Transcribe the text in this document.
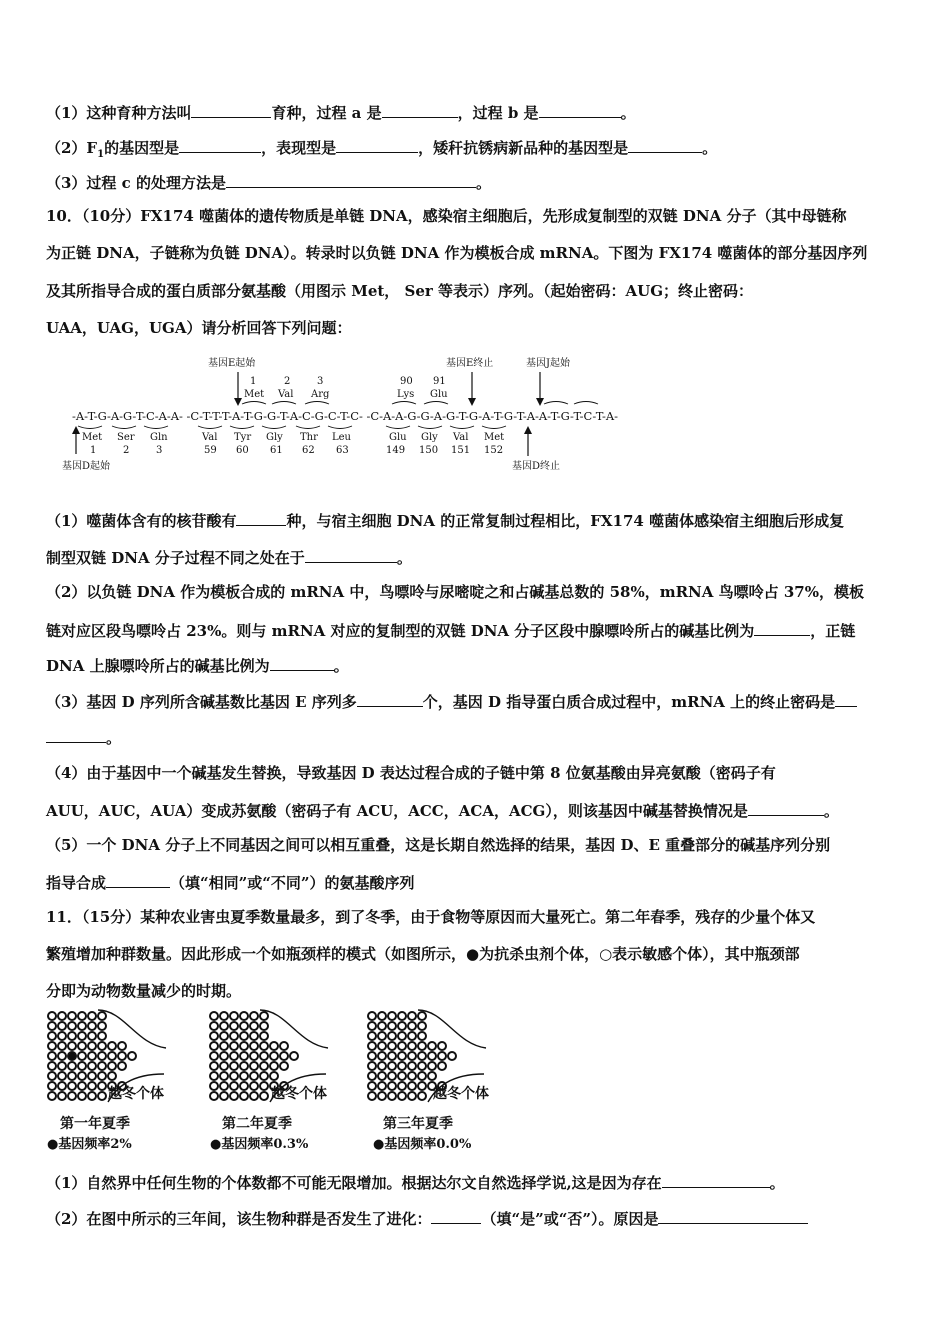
（1）这种育种方法叫	育种，过程 a 是	，过程 b 是	。
$(2)F_1$的基因型是	，表现型是	，矮秆抗锈病新品种的基因型是	。
（3）过程 c 的处理方法是	。
10．（10分）FX174 噬菌体的遗传物质是单链 DNA，感染宿主细胞后，先形成复制型的双链 DNA 分子（其中母链称
为正链 DNA，子链称为负链 DNA）。转录时以负链 DNA 作为模板合成 mRNA。下图为 FX174 噬菌体的部分基因序列
及其所指导合成的蛋白质部分氨基酸（用图示 Met， Ser 等表示）序列。（起始密码：AUG；终止密码：
UAA，UAG，UGA）请分析回答下列问题：
基因E起始	基因E终止	基因J起始
1
Met
2
Val
3
Arg
90
Lys
91
Glu
-A-T-G-A-G-T-C-A-A- -C-T-T-T-A-T-G-G-T-A-C-G-C-T-C- -C-A-A-G-G-A-G-T-G-A-T-G-T-A-A-T-G-T-C-T-A-
Met
1
Ser
2
Gln
3
Val
59
Tyr
60
Gly
61
Thr
62
Leu
63
Glu
149
Gly
150
Val
151
Met
152
基因D起始	基因D终止
（1）噬菌体含有的核苷酸有	种，与宿主细胞 DNA 的正常复制过程相比，FX174 噬菌体感染宿主细胞后形成复
制型双链 DNA 分子过程不同之处在于	。
（2）以负链 DNA 作为模板合成的 mRNA 中，鸟嘌呤与尿嘧啶之和占碱基总数的 58%，mRNA 鸟嘌呤占 37%，模板
链对应区段鸟嘌呤占 23%。则与 mRNA 对应的复制型的双链 DNA 分子区段中腺嘌呤所占的碱基比例为	，正链
DNA 上腺嘌呤所占的碱基比例为	。
（3）基因 D 序列所含碱基数比基因 E 序列多	个，基因 D 指导蛋白质合成过程中，mRNA 上的终止密码是
。
（4）由于基因中一个碱基发生替换，导致基因 D 表达过程合成的子链中第 8 位氨基酸由异亮氨酸（密码子有
AUU，AUC，AUA）变成苏氨酸（密码子有 ACU，ACC，ACA，ACG），则该基因中碱基替换情况是	。
（5）一个 DNA 分子上不同基因之间可以相互重叠，这是长期自然选择的结果，基因 D、E 重叠部分的碱基序列分别
指导合成	（填“相同”或“不同”）的氨基酸序列
11．（15分）某种农业害虫夏季数量最多，到了冬季，由于食物等原因而大量死亡。第二年春季，残存的少量个体又
繁殖增加种群数量。因此形成一个如瓶颈样的模式（如图所示，●为抗杀虫剂个体，○表示敏感个体），其中瓶颈部
分即为动物数量减少的时期。
越冬个体	越冬个体	越冬个体
第一年夏季	第二年夏季	第三年夏季
●基因频率2%	●基因频率0.3%	●基因频率0.0%
（1）自然界中任何生物的个体数都不可能无限增加。根据达尔文自然选择学说,这是因为存在	。
（2）在图中所示的三年间，该生物种群是否发生了进化：	（填“是”或“否”）。原因是
